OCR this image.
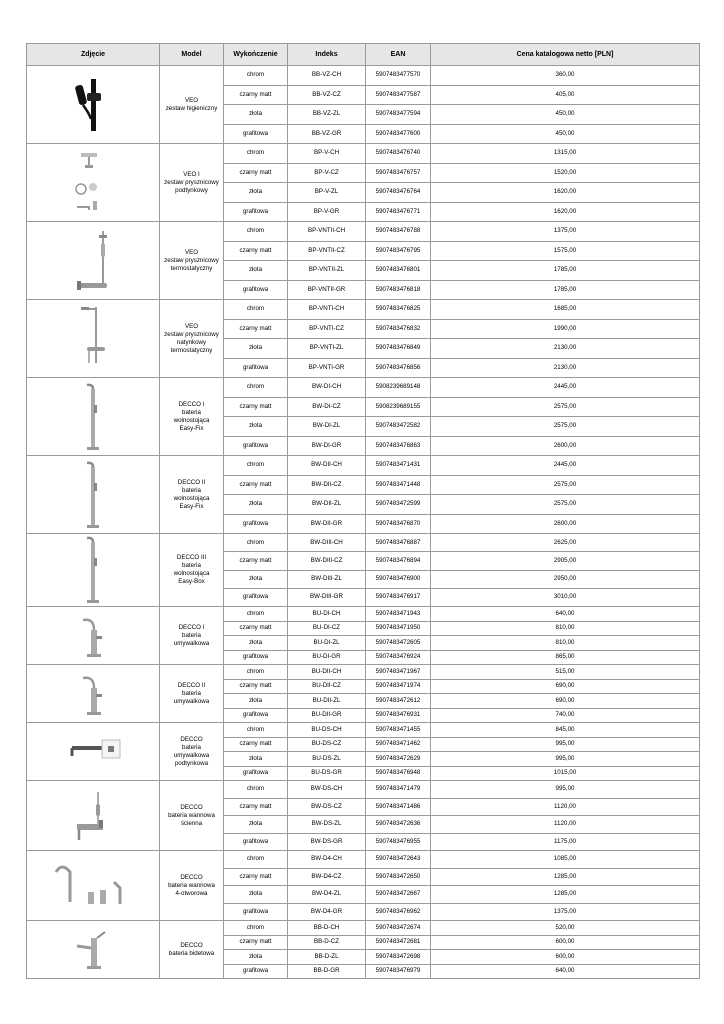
Zdjęcie	Model	Wykończenie	Indeks	EAN	Cena katalogowa netto [PLN]

VEO
zestaw higieniczny	chrom	BB-VZ-CH	5907483477570	360,00
		czarny matt	BB-VZ-CZ	5907483477587	405,00
		złota	BB-VZ-ZL	5907483477594	450,00
		grafitowa	BB-VZ-GR	5907483477600	450,00

VEO I
zestaw prysznicowy
podtynkowy	chrom	BP-V-CH	5907483476740	1315,00
		czarny matt	BP-V-CZ	5907483476757	1520,00
		złota	BP-V-ZL	5907483476764	1620,00
		grafitowa	BP-V-GR	5907483476771	1620,00

VEO
zestaw prysznicowy
termostatyczny	chrom	BP-VNTII-CH	5907483476788	1375,00
		czarny matt	BP-VNTII-CZ	5907483476795	1575,00
		złota	BP-VNTII-ZL	5907483476801	1785,00
		grafitowa	BP-VNTII-GR	5907483476818	1785,00

VEO
zestaw prysznicowy
natynkowy
termostatyczny	chrom	BP-VNTI-CH	5907483476825	1685,00
		czarny matt	BP-VNTI-CZ	5907483476832	1990,00
		złota	BP-VNTI-ZL	5907483476849	2130,00
		grafitowa	BP-VNTI-GR	5907483476856	2130,00

DECCO I
bateria
wolnostojąca
Easy-Fix	chrom	BW-DI-CH	5908239689148	2445,00
		czarny matt	BW-DI-CZ	5908239689155	2575,00
		złota	BW-DI-ZL	5907483472582	2575,00
		grafitowa	BW-DI-GR	5907483476863	2600,00

DECCO II
bateria
wolnostojąca
Easy-Fix	chrom	BW-DII-CH	5907483471431	2445,00
		czarny matt	BW-DII-CZ	5907483471448	2575,00
		złota	BW-DII-ZL	5907483472599	2575,00
		grafitowa	BW-DII-GR	5907483476870	2600,00

DECCO III
bateria
wolnostojąca
Easy-Box	chrom	BW-DIII-CH	5907483476887	2625,00
		czarny matt	BW-DIII-CZ	5907483476894	2905,00
		złota	BW-DIII-ZL	5907483476900	2950,00
		grafitowa	BW-DIII-GR	5907483476917	3010,00

DECCO I
bateria
umywalkowa	chrom	BU-DI-CH	5907483471943	640,00
		czarny matt	BU-DI-CZ	5907483471950	810,00
		złota	BU-DI-ZL	5907483472605	810,00
		grafitowa	BU-DI-GR	5907483476924	865,00

DECCO II
bateria
umywalkowa	chrom	BU-DII-CH	5907483471967	515,00
		czarny matt	BU-DII-CZ	5907483471974	690,00
		złota	BU-DII-ZL	5907483472612	690,00
		grafitowa	BU-DII-GR	5907483476931	740,00

DECCO
bateria
umywalkowa
podtynkowa	chrom	BU-DS-CH	5907483471455	845,00
		czarny matt	BU-DS-CZ	5907483471462	995,00
		złota	BU-DS-ZL	5907483472629	995,00
		grafitowa	BU-DS-GR	5907483476948	1015,00

DECCO
bateria wannowa
ścienna	chrom	BW-DS-CH	5907483471479	995,00
		czarny matt	BW-DS-CZ	5907483471486	1120,00
		złota	BW-DS-ZL	5907483472636	1120,00
		grafitowa	BW-DS-GR	5907483476955	1175,00

DECCO
bateria wannowa
4-otworowa	chrom	BW-D4-CH	5907483472643	1085,00
		czarny matt	BW-D4-CZ	5907483472650	1285,00
		złota	BW-D4-ZL	5907483472667	1285,00
		grafitowa	BW-D4-GR	5907483476962	1375,00

DECCO
bateria bidetowa	chrom	BB-D-CH	5907483472674	520,00
		czarny matt	BB-D-CZ	5907483472681	600,00
		złota	BB-D-ZL	5907483472698	600,00
		grafitowa	BB-D-GR	5907483476979	640,00
